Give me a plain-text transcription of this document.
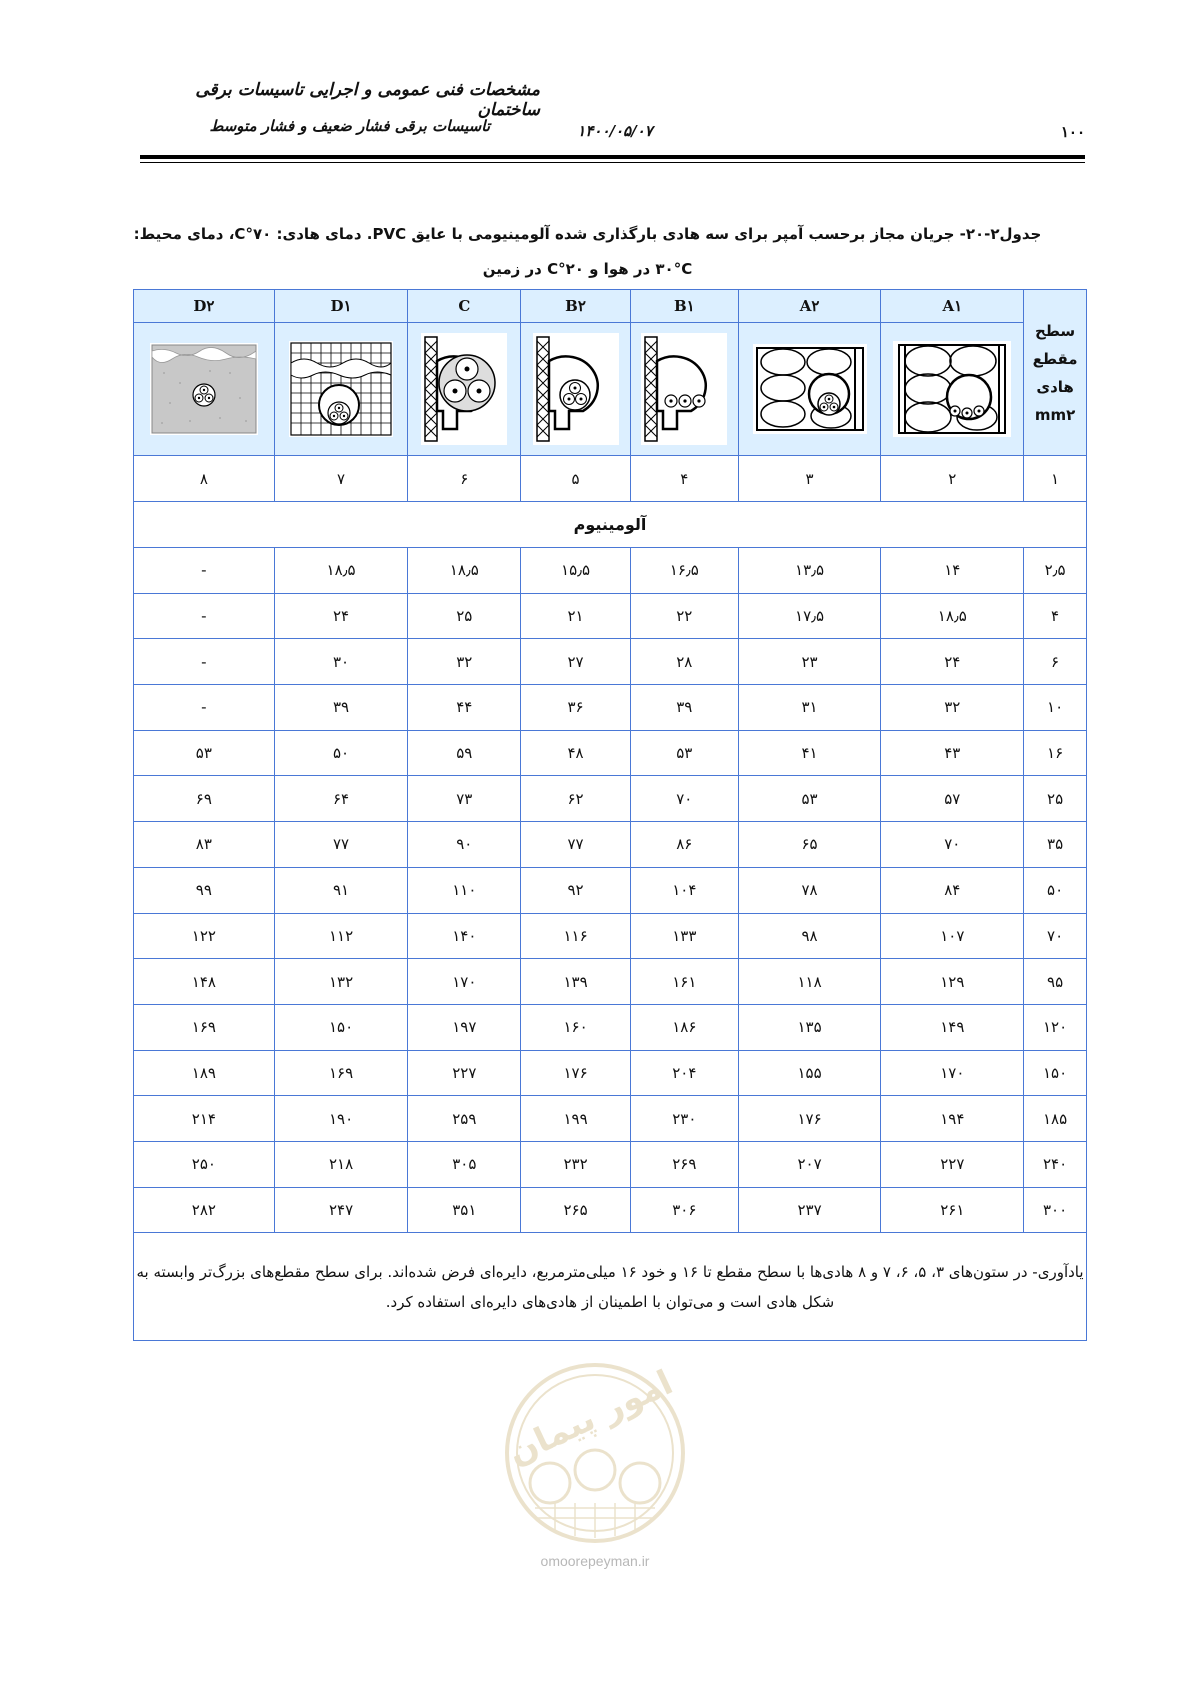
مشخصات فنی عمومی و اجرایی تاسیسات برقی ساختمان
تاسیسات برقی فشار ضعیف و فشار متوسط	۱۴۰۰/۰۵/۰۷	۱۰۰
جدول۲-۲۰- جریان مجاز برحسب آمپر برای سه هادی بارگذاری شده آلومینیومی با عایق PVC. دمای هادی: ۷۰°C، دمای محیط:
۳۰°C در هوا و ۲۰°C در زمین
سطح
مقطع
هادی
mm۲	A۱	A۲	B۱	B۲	C	D۱	D۲

۱	۲	۳	۴	۵	۶	۷	۸
آلومینیوم							
۲٫۵	۱۴	۱۳٫۵	۱۶٫۵	۱۵٫۵	۱۸٫۵	۱۸٫۵	-
۴	۱۸٫۵	۱۷٫۵	۲۲	۲۱	۲۵	۲۴	-
۶	۲۴	۲۳	۲۸	۲۷	۳۲	۳۰	-
۱۰	۳۲	۳۱	۳۹	۳۶	۴۴	۳۹	-
۱۶	۴۳	۴۱	۵۳	۴۸	۵۹	۵۰	۵۳
۲۵	۵۷	۵۳	۷۰	۶۲	۷۳	۶۴	۶۹
۳۵	۷۰	۶۵	۸۶	۷۷	۹۰	۷۷	۸۳
۵۰	۸۴	۷۸	۱۰۴	۹۲	۱۱۰	۹۱	۹۹
۷۰	۱۰۷	۹۸	۱۳۳	۱۱۶	۱۴۰	۱۱۲	۱۲۲
۹۵	۱۲۹	۱۱۸	۱۶۱	۱۳۹	۱۷۰	۱۳۲	۱۴۸
۱۲۰	۱۴۹	۱۳۵	۱۸۶	۱۶۰	۱۹۷	۱۵۰	۱۶۹
۱۵۰	۱۷۰	۱۵۵	۲۰۴	۱۷۶	۲۲۷	۱۶۹	۱۸۹
۱۸۵	۱۹۴	۱۷۶	۲۳۰	۱۹۹	۲۵۹	۱۹۰	۲۱۴
۲۴۰	۲۲۷	۲۰۷	۲۶۹	۲۳۲	۳۰۵	۲۱۸	۲۵۰
۳۰۰	۲۶۱	۲۳۷	۳۰۶	۲۶۵	۳۵۱	۲۴۷	۲۸۲
یادآوری- در ستون‌های ۳، ۵، ۶، ۷ و ۸ هادی‌ها با سطح مقطع تا ۱۶ و خود ۱۶ میلی‌مترمربع، دایره‌ای فرض شده‌اند. برای سطح مقطع‌های بزرگ‌تر وابسته به شکل هادی است و می‌توان با اطمینان از هادی‌های دایره‌ای استفاده کرد.							
امور پیمان
omoorepeyman.ir
